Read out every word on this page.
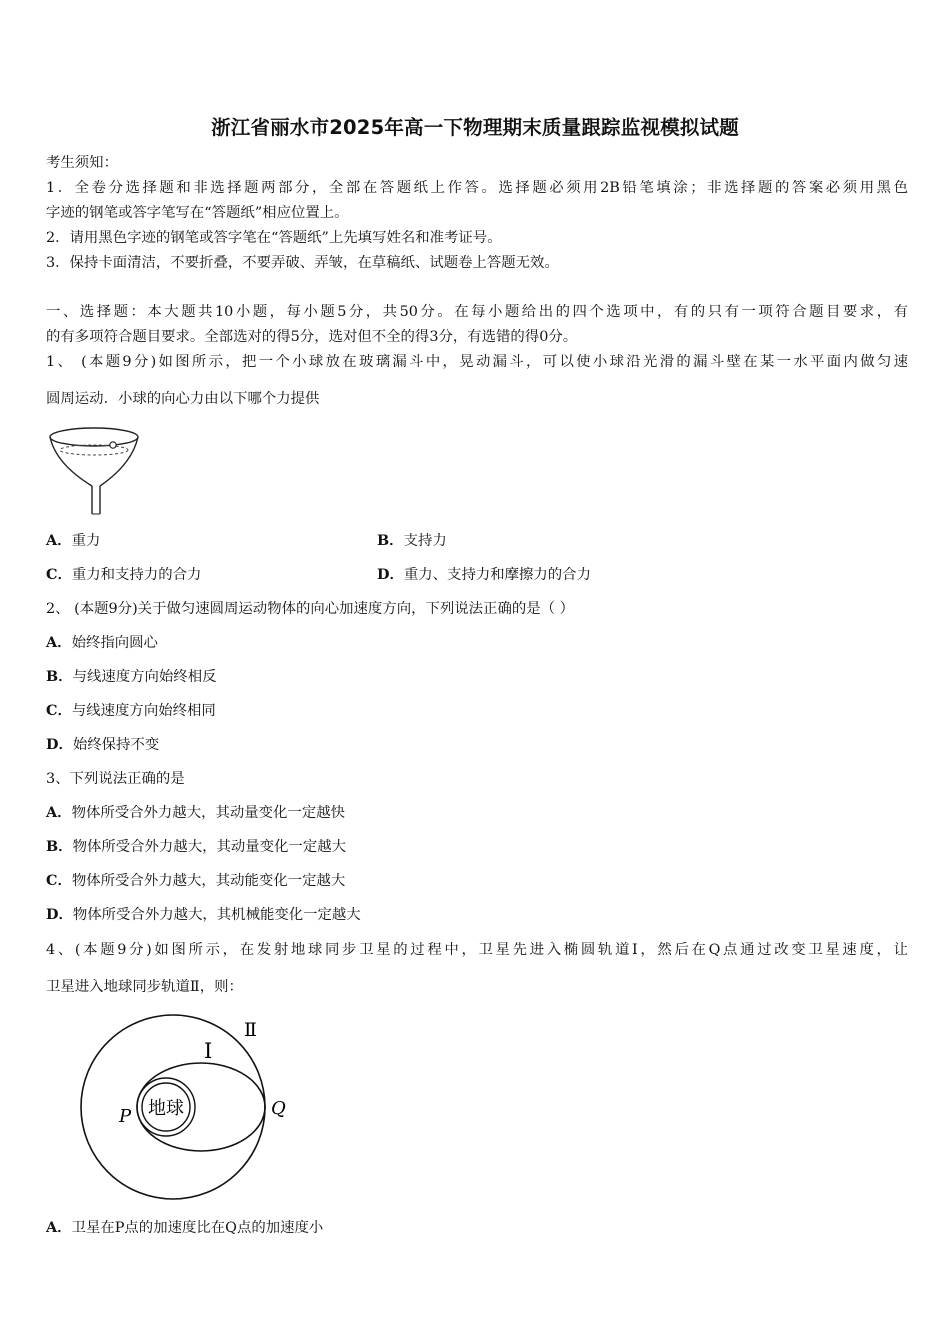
浙江省丽水市2025年高一下物理期末质量跟踪监视模拟试题
考生须知：
1．全卷分选择题和非选择题两部分，全部在答题纸上作答。选择题必须用2B铅笔填涂；非选择题的答案必须用黑色
字迹的钢笔或答字笔写在“答题纸”相应位置上。
2．请用黑色字迹的钢笔或答字笔在“答题纸”上先填写姓名和准考证号。
3．保持卡面清洁，不要折叠，不要弄破、弄皱，在草稿纸、试题卷上答题无效。
一、选择题：本大题共10小题，每小题5分，共50分。在每小题给出的四个选项中，有的只有一项符合题目要求，有
的有多项符合题目要求。全部选对的得5分，选对但不全的得3分，有选错的得0分。
1、 (本题9分)如图所示，把一个小球放在玻璃漏斗中，晃动漏斗，可以使小球沿光滑的漏斗壁在某一水平面内做匀速
圆周运动．小球的向心力由以下哪个力提供
A．重力	B．支持力
C．重力和支持力的合力	D．重力、支持力和摩擦力的合力
2、 (本题9分)关于做匀速圆周运动物体的向心加速度方向，下列说法正确的是（ ）
A．始终指向圆心
B．与线速度方向始终相反
C．与线速度方向始终相同
D．始终保持不变
3、下列说法正确的是
A．物体所受合外力越大，其动量变化一定越快
B．物体所受合外力越大，其动量变化一定越大
C．物体所受合外力越大，其动能变化一定越大
D．物体所受合外力越大，其机械能变化一定越大
4、(本题9分)如图所示，在发射地球同步卫星的过程中，卫星先进入椭圆轨道Ⅰ，然后在Q点通过改变卫星速度，让
卫星进入地球同步轨道Ⅱ，则：
地球
Ⅰ
Ⅱ
P	Q
A．卫星在P点的加速度比在Q点的加速度小
